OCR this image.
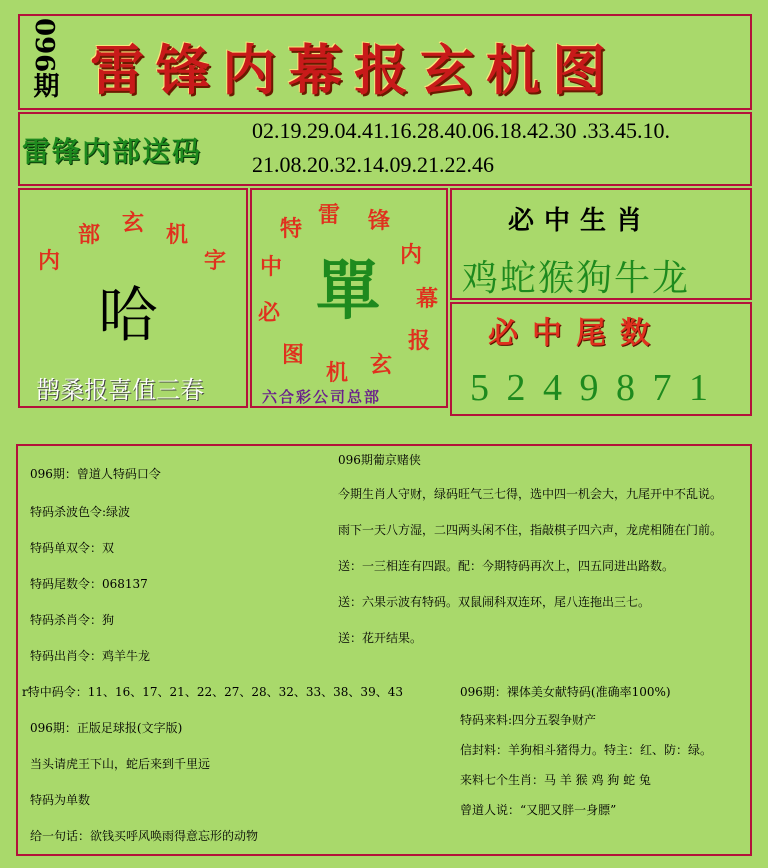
096期 雷锋内幕报玄机图
雷锋内部送码
02.19.29.04.41.16.28.40.06.18.42.30 .33.45.10.
21.08.20.32.14.09.21.22.46
内
部 玄 机
字
哈
鹊桑报喜值三春
雷 锋
内
幕
报
玄
机
图
必
中
特
單
六合彩公司总部
必中生肖
鸡蛇猴狗牛龙
必中尾数
5 2 4 9 8 7 1
096期：曾道人特码口令
特码杀波色令:绿波
特码单双令：双
特码尾数令：068137
特码杀肖令：狗
特码出肖令：鸡羊牛龙
r特中码令：11、16、17、21、22、27、28、32、33、38、39、43
096期：正版足球报(文字版)
当头请虎王下山，蛇后来到千里远
特码为单数
给一句话：欲钱买呼风唤雨得意忘形的动物
096期葡京赌侠
今期生肖人守财，绿码旺气三七得，选中四一机会大，九尾开中不乱说。
雨下一天八方湿，二四两头闲不住，指敲棋子四六声，龙虎相随在门前。
送：一三相连有四跟。配：今期特码再次上，四五同进出路数。
送：六果示波有特码。双鼠闹科双连环，尾八连拖出三七。
送：花开结果。
096期：裸体美女献特码(准确率100%)
特码来料:四分五裂争财产
信封料：羊狗相斗猪得力。特主：红、防：绿。
来料七个生肖：马 羊 猴 鸡 狗 蛇 兔
曾道人说：“又肥又胖一身膘”
